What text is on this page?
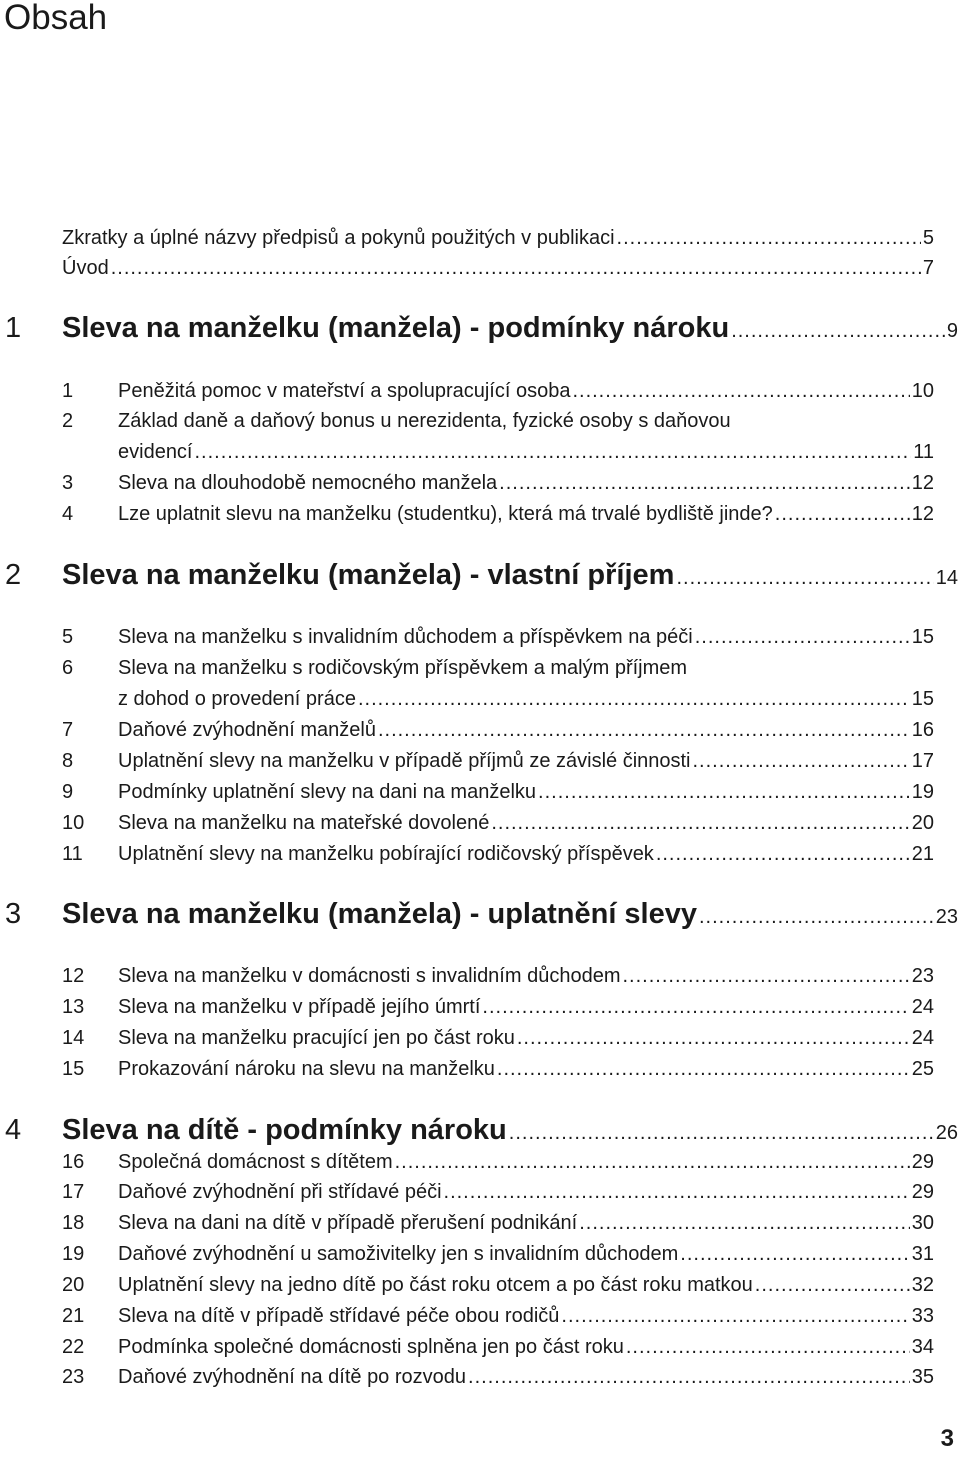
Obsah
Zkratky a úplné názvy předpisů a pokynů použitých v publikaci .....	5
Úvod .....	7
1 Sleva na manželku (manžela) - podmínky nároku .....	9
1 Peněžitá pomoc v mateřství a spolupracující osoba .....	10
2 Základ daně a daňový bonus u nerezidenta, fyzické osoby s daňovou
evidencí .....	11
3 Sleva na dlouhodobě nemocného manžela .....	12
4 Lze uplatnit slevu na manželku (studentku), která má trvalé bydliště jinde? .....	12
2 Sleva na manželku (manžela) - vlastní příjem .....	14
5 Sleva na manželku s invalidním důchodem a příspěvkem na péči .....	15
6 Sleva na manželku s rodičovským příspěvkem a malým příjmem
z dohod o provedení práce .....	15
7 Daňové zvýhodnění manželů .....	16
8 Uplatnění slevy na manželku v případě příjmů ze závislé činnosti .....	17
9 Podmínky uplatnění slevy na dani na manželku .....	19
10 Sleva na manželku na mateřské dovolené .....	20
11 Uplatnění slevy na manželku pobírající rodičovský příspěvek .....	21
3 Sleva na manželku (manžela) - uplatnění slevy .....	23
12 Sleva na manželku v domácnosti s invalidním důchodem .....	23
13 Sleva na manželku v případě jejího úmrtí .....	24
14 Sleva na manželku pracující jen po část roku .....	24
15 Prokazování nároku na slevu na manželku .....	25
4 Sleva na dítě - podmínky nároku .....	26
16 Společná domácnost s dítětem .....	29
17 Daňové zvýhodnění při střídavé péči .....	29
18 Sleva na dani na dítě v případě přerušení podnikání .....	30
19 Daňové zvýhodnění u samoživitelky jen s invalidním důchodem .....	31
20 Uplatnění slevy na jedno dítě po část roku otcem a po část roku matkou .....	32
21 Sleva na dítě v případě střídavé péče obou rodičů .....	33
22 Podmínka společné domácnosti splněna jen po část roku .....	34
23 Daňové zvýhodnění na dítě po rozvodu .....	35
3
